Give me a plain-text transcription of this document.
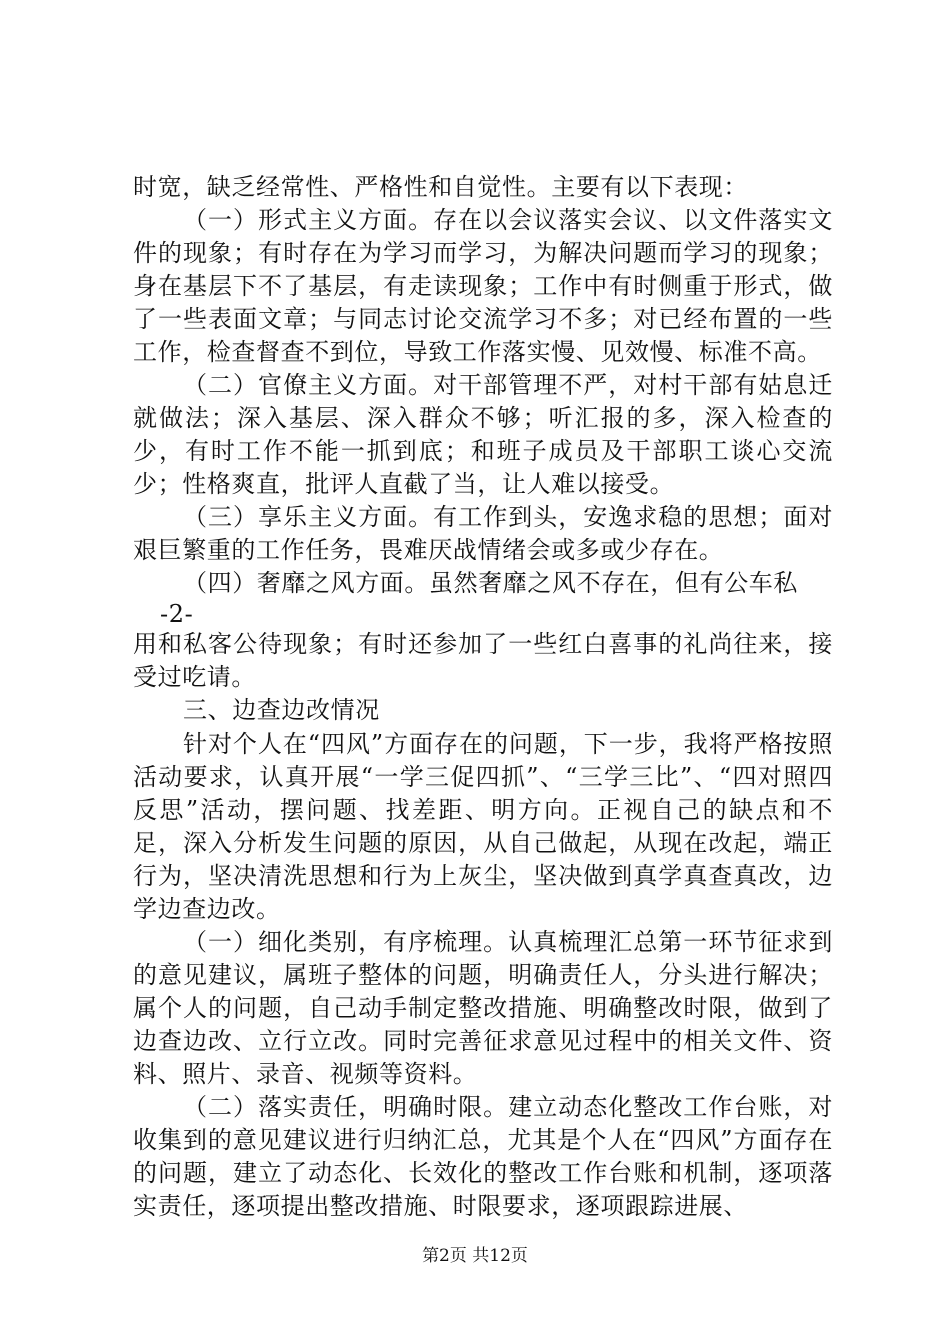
时宽，缺乏经常性、严格性和自觉性。主要有以下表现：

（一）形式主义方面。存在以会议落实会议、以文件落实文件的现象；有时存在为学习而学习，为解决问题而学习的现象；身在基层下不了基层，有走读现象；工作中有时侧重于形式，做了一些表面文章；与同志讨论交流学习不多；对已经布置的一些工作，检查督查不到位，导致工作落实慢、见效慢、标准不高。

（二）官僚主义方面。对干部管理不严，对村干部有姑息迁就做法；深入基层、深入群众不够；听汇报的多，深入检查的少，有时工作不能一抓到底；和班子成员及干部职工谈心交流少；性格爽直，批评人直截了当，让人难以接受。

（三）享乐主义方面。有工作到头，安逸求稳的思想；面对艰巨繁重的工作任务，畏难厌战情绪会或多或少存在。

（四）奢靡之风方面。虽然奢靡之风不存在，但有公车私

-2-

用和私客公待现象；有时还参加了一些红白喜事的礼尚往来，接受过吃请。

三、边查边改情况

针对个人在“四风”方面存在的问题，下一步，我将严格按照活动要求，认真开展“一学三促四抓”、“三学三比”、“四对照四反思”活动，摆问题、找差距、明方向。正视自己的缺点和不足，深入分析发生问题的原因，从自己做起，从现在改起，端正行为，坚决清洗思想和行为上灰尘，坚决做到真学真查真改，边学边查边改。

（一）细化类别，有序梳理。认真梳理汇总第一环节征求到的意见建议，属班子整体的问题，明确责任人，分头进行解决；属个人的问题，自己动手制定整改措施、明确整改时限，做到了边查边改、立行立改。同时完善征求意见过程中的相关文件、资料、照片、录音、视频等资料。

（二）落实责任，明确时限。建立动态化整改工作台账，对收集到的意见建议进行归纳汇总，尤其是个人在“四风”方面存在的问题，建立了动态化、长效化的整改工作台账和机制，逐项落实责任，逐项提出整改措施、时限要求，逐项跟踪进展、

第2页 共12页
